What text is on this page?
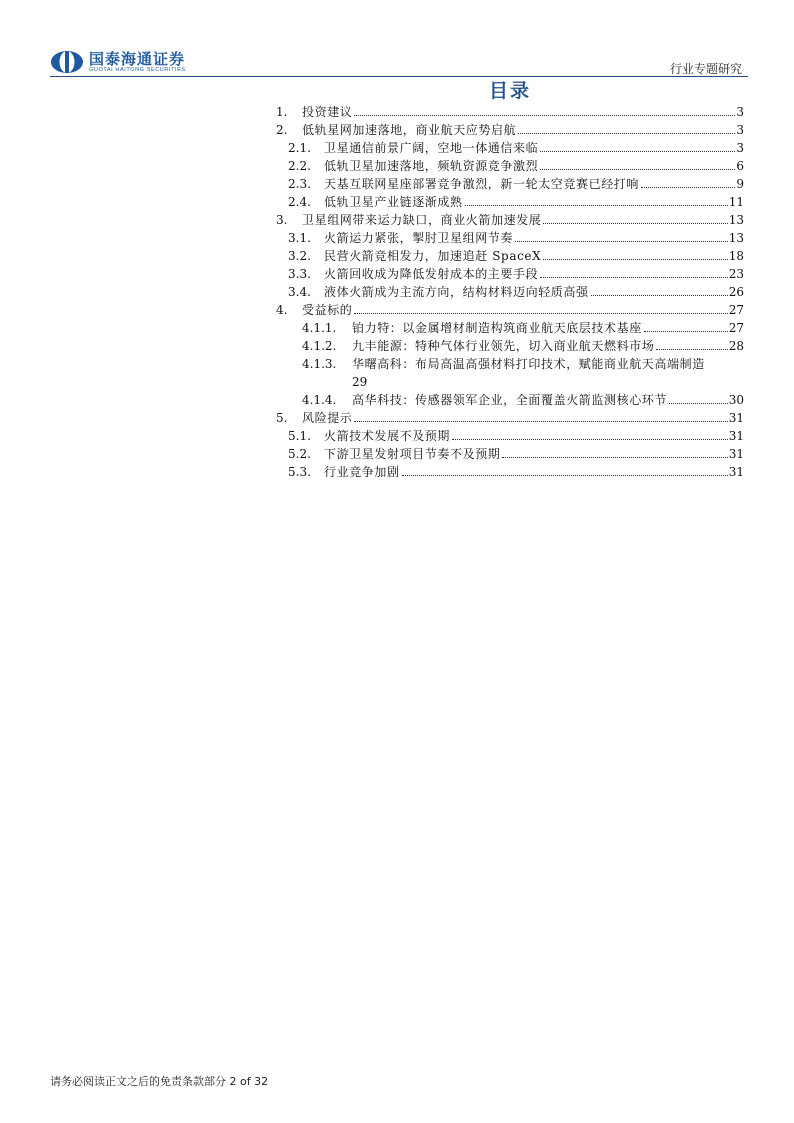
国泰海通证券
GUOTAI HAITONG SECURITIES	行业专题研究
目录
1.	投资建议	3
2.	低轨星网加速落地，商业航天应势启航	3
2.1.	卫星通信前景广阔，空地一体通信来临	3
2.2.	低轨卫星加速落地，频轨资源竞争激烈	6
2.3.	天基互联网星座部署竞争激烈，新一轮太空竞赛已经打响	9
2.4.	低轨卫星产业链逐渐成熟	11
3.	卫星组网带来运力缺口，商业火箭加速发展	13
3.1.	火箭运力紧张，掣肘卫星组网节奏	13
3.2.	民营火箭竞相发力，加速追赶 SpaceX	18
3.3.	火箭回收成为降低发射成本的主要手段	23
3.4.	液体火箭成为主流方向，结构材料迈向轻质高强	26
4.	受益标的	27
4.1.1.	铂力特：以金属增材制造构筑商业航天底层技术基座	27
4.1.2.	九丰能源：特种气体行业领先，切入商业航天燃料市场	28
4.1.3.	华曙高科：布局高温高强材料打印技术，赋能商业航天高端制造
29
4.1.4.	高华科技：传感器领军企业，全面覆盖火箭监测核心环节	30
5.	风险提示	31
5.1.	火箭技术发展不及预期	31
5.2.	下游卫星发射项目节奏不及预期	31
5.3.	行业竞争加剧	31
请务必阅读正文之后的免责条款部分 2 of 32
